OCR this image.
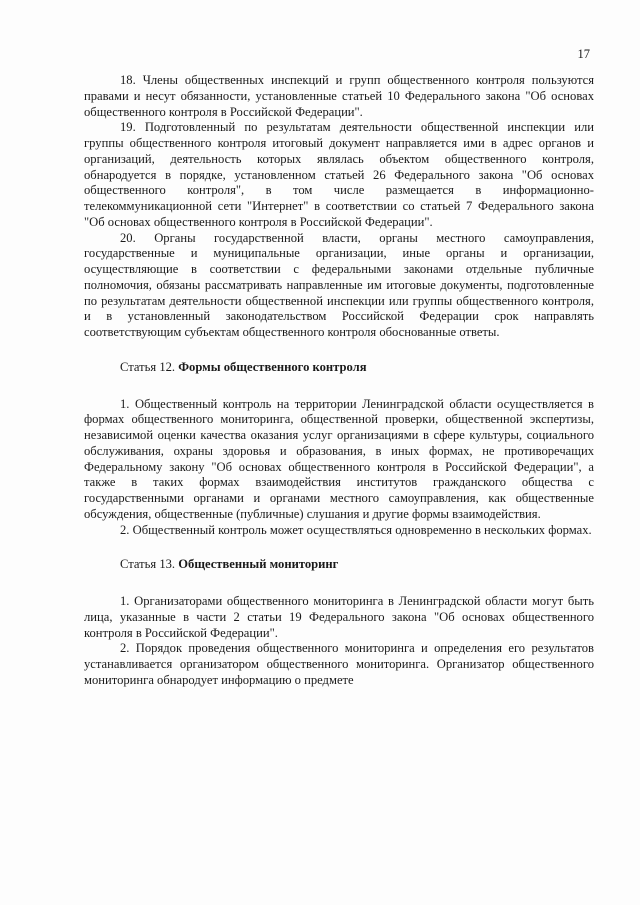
17

18. Члены общественных инспекций и групп общественного контроля пользуются правами и несут обязанности, установленные статьей 10 Федерального закона "Об основах общественного контроля в Российской Федерации".

19. Подготовленный по результатам деятельности общественной инспекции или группы общественного контроля итоговый документ направляется ими в адрес органов и организаций, деятельность которых являлась объектом общественного контроля, обнародуется в порядке, установленном статьей 26 Федерального закона "Об основах общественного контроля", в том числе размещается в информационно-телекоммуникационной сети "Интернет" в соответствии со статьей 7 Федерального закона "Об основах общественного контроля в Российской Федерации".

20. Органы государственной власти, органы местного самоуправления, государственные и муниципальные организации, иные органы и организации, осуществляющие в соответствии с федеральными законами отдельные публичные полномочия, обязаны рассматривать направленные им итоговые документы, подготовленные по результатам деятельности общественной инспекции или группы общественного контроля, и в установленный законодательством Российской Федерации срок направлять соответствующим субъектам общественного контроля обоснованные ответы.

Статья 12. Формы общественного контроля

1. Общественный контроль на территории Ленинградской области осуществляется в формах общественного мониторинга, общественной проверки, общественной экспертизы, независимой оценки качества оказания услуг организациями в сфере культуры, социального обслуживания, охраны здоровья и образования, в иных формах, не противоречащих Федеральному закону "Об основах общественного контроля в Российской Федерации", а также в таких формах взаимодействия институтов гражданского общества с государственными органами и органами местного самоуправления, как общественные обсуждения, общественные (публичные) слушания и другие формы взаимодействия.

2. Общественный контроль может осуществляться одновременно в нескольких формах.

Статья 13. Общественный мониторинг

1. Организаторами общественного мониторинга в Ленинградской области могут быть лица, указанные в части 2 статьи 19 Федерального закона "Об основах общественного контроля в Российской Федерации".

2. Порядок проведения общественного мониторинга и определения его результатов устанавливается организатором общественного мониторинга. Организатор общественного мониторинга обнародует информацию о предмете
